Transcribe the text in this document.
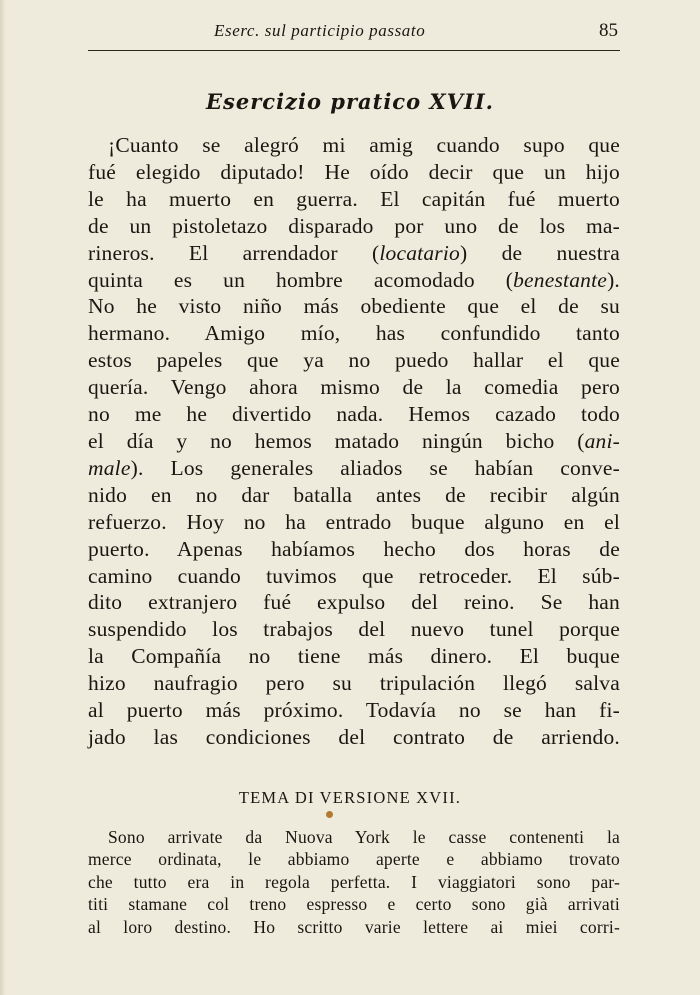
Eserc. sul participio passato	85
Esercizio pratico XVII.
¡Cuanto se alegró mi amig cuando supo que
fué elegido diputado! He oído decir que un hijo
le ha muerto en guerra. El capitán fué muerto
de un pistoletazo disparado por uno de los ma-
rineros. El arrendador (locatario) de nuestra
quinta es un hombre acomodado (benestante).
No he visto niño más obediente que el de su
hermano. Amigo mío, has confundido tanto
estos papeles que ya no puedo hallar el que
quería. Vengo ahora mismo de la comedia pero
no me he divertido nada. Hemos cazado todo
el día y no hemos matado ningún bicho (ani-
male). Los generales aliados se habían conve-
nido en no dar batalla antes de recibir algún
refuerzo. Hoy no ha entrado buque alguno en el
puerto. Apenas habíamos hecho dos horas de
camino cuando tuvimos que retroceder. El súb-
dito extranjero fué expulso del reino. Se han
suspendido los trabajos del nuevo tunel porque
la Compañía no tiene más dinero. El buque
hizo naufragio pero su tripulación llegó salva
al puerto más próximo. Todavía no se han fi-
jado las condiciones del contrato de arriendo.
TEMA DI VERSIONE XVII.
Sono arrivate da Nuova York le casse contenenti la
merce ordinata, le abbiamo aperte e abbiamo trovato
che tutto era in regola perfetta. I viaggiatori sono par-
titi stamane col treno espresso e certo sono già arrivati
al loro destino. Ho scritto varie lettere ai miei corri-
